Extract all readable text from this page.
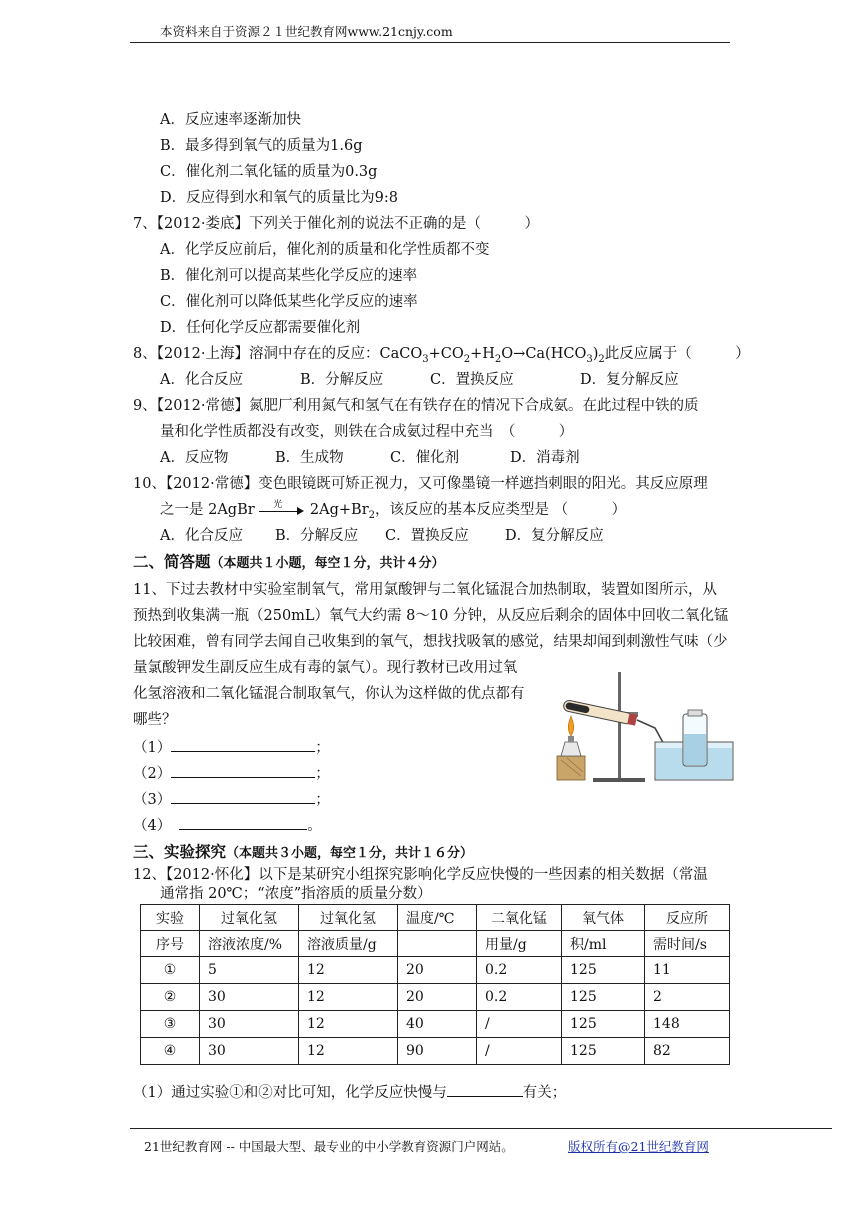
本资料来自于资源２１世纪教育网www.21cnjy.com
A．反应速率逐渐加快
B．最多得到氧气的质量为1.6g
C．催化剂二氧化锰的质量为0.3g
D．反应得到水和氧气的质量比为9:8
7、【2012·娄底】下列关于催化剂的说法不正确的是（　　　）
A．化学反应前后，催化剂的质量和化学性质都不变
B．催化剂可以提高某些化学反应的速率
C．催化剂可以降低某些化学反应的速率
D．任何化学反应都需要催化剂
8、【2012·上海】溶洞中存在的反应：$CaCO_3+CO_2+H_2O\to Ca(HCO_3)_2$此反应属于（　　　）
A．化合反应	B．分解反应	C．置换反应	D．复分解反应
9、【2012·常德】氮肥厂利用氮气和氢气在有铁存在的情况下合成氨。在此过程中铁的质
量和化学性质都没有改变，则铁在合成氨过程中充当　（　　　）
A．反应物	B．生成物	C．催化剂	D．消毒剂
10、【2012·常德】变色眼镜既可矫正视力，又可像墨镜一样遮挡刺眼的阳光。其反应原理
之一是 2AgBr 光 $2Ag+Br_2$，该反应的基本反应类型是 （　　　）
A．化合反应 B．分解反应 C．置换反应	D．复分解反应
二、简答题（本题共１小题，每空１分，共计４分）
11、下过去教材中实验室制氧气，常用氯酸钾与二氧化锰混合加热制取，装置如图所示，从
预热到收集满一瓶（250mL）氧气大约需 8～10 分钟，从反应后剩余的固体中回收二氧化锰
比较困难，曾有同学去闻自己收集到的氧气，想找找吸氧的感觉，结果却闻到刺激性气味（少
量氯酸钾发生副反应生成有毒的氯气）。现行教材已改用过氧
化氢溶液和二氧化锰混合制取氧气，你认为这样做的优点都有
哪些？
（1）	；
（2）	；
（3）	；
（4）	。
三、实验探究（本题共３小题，每空１分，共计１６分）
12、【2012·怀化】以下是某研究小组探究影响化学反应快慢的一些因素的相关数据（常温
通常指 20℃；“浓度”指溶质的质量分数）
实验	过氧化氢	过氧化氢	温度/℃	二氧化锰	氧气体	反应所
序号	溶液浓度/%	溶液质量/g		用量/g	积/ml	需时间/s
①	5	12	20	0.2	125	11
②	30	12	20	0.2	125	2
③	30	12	40	/	125	148
④	30	12	90	/	125	82
（1）通过实验①和②对比可知，化学反应快慢与	有关；
21世纪教育网 -- 中国最大型、最专业的中小学教育资源门户网站。	版权所有@21世纪教育网
